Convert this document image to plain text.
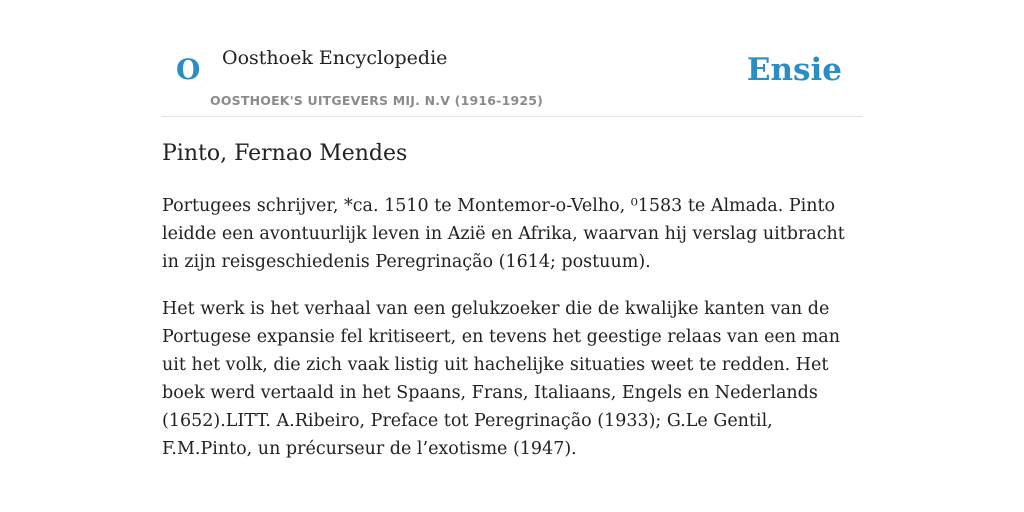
O Oosthoek Encyclopedie
OOSTHOEK'S UITGEVERS MIJ. N.V (1916-1925)
Ensie
Pinto, Fernao Mendes

Portugees schrijver, *ca. 1510 te Montemor-o-Velho, ⁰1583 te Almada. Pinto leidde een avontuurlijk leven in Azië en Afrika, waarvan hij verslag uitbracht in zijn reisgeschiedenis Peregrinação (1614; postuum).

Het werk is het verhaal van een gelukzoeker die de kwalijke kanten van de Portugese expansie fel kritiseert, en tevens het geestige relaas van een man uit het volk, die zich vaak listig uit hachelijke situaties weet te redden. Het boek werd vertaald in het Spaans, Frans, Italiaans, Engels en Nederlands (1652).LITT. A.Ribeiro, Preface tot Peregrinação (1933); G.Le Gentil, F.M.Pinto, un précurseur de l’exotisme (1947).
